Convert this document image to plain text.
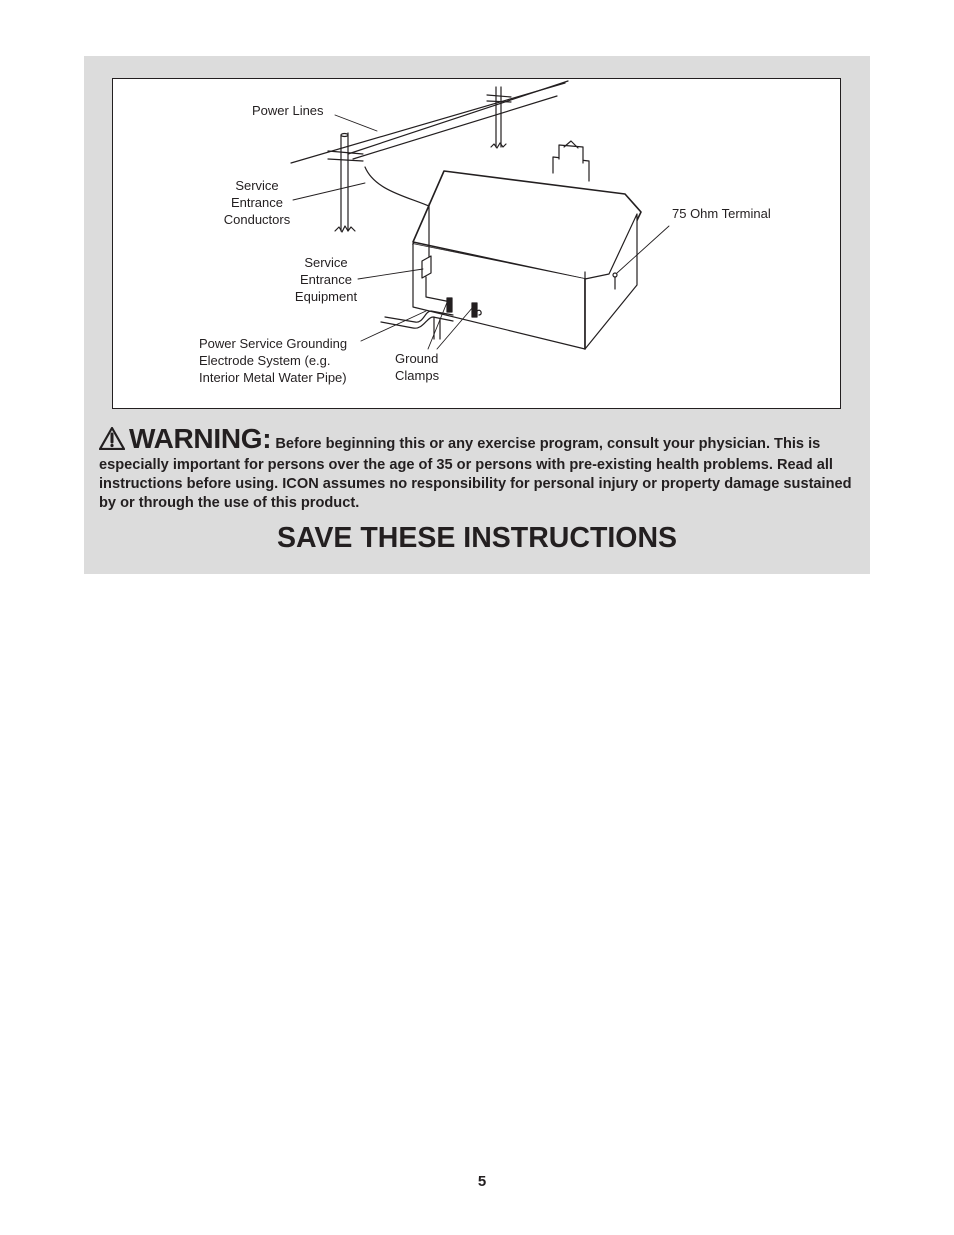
Power Lines
Service
Entrance
Conductors
Service
Entrance
Equipment
Power Service Grounding
Electrode System (e.g.
Interior Metal Water Pipe)
Ground
Clamps
75 Ohm Terminal
WARNING: Before beginning this or any exercise program, consult your physician. This is especially important for persons over the age of 35 or persons with pre-existing health problems. Read all instructions before using. ICON assumes no responsibility for personal injury or property damage sustained by or through the use of this product.
SAVE THESE INSTRUCTIONS
5
